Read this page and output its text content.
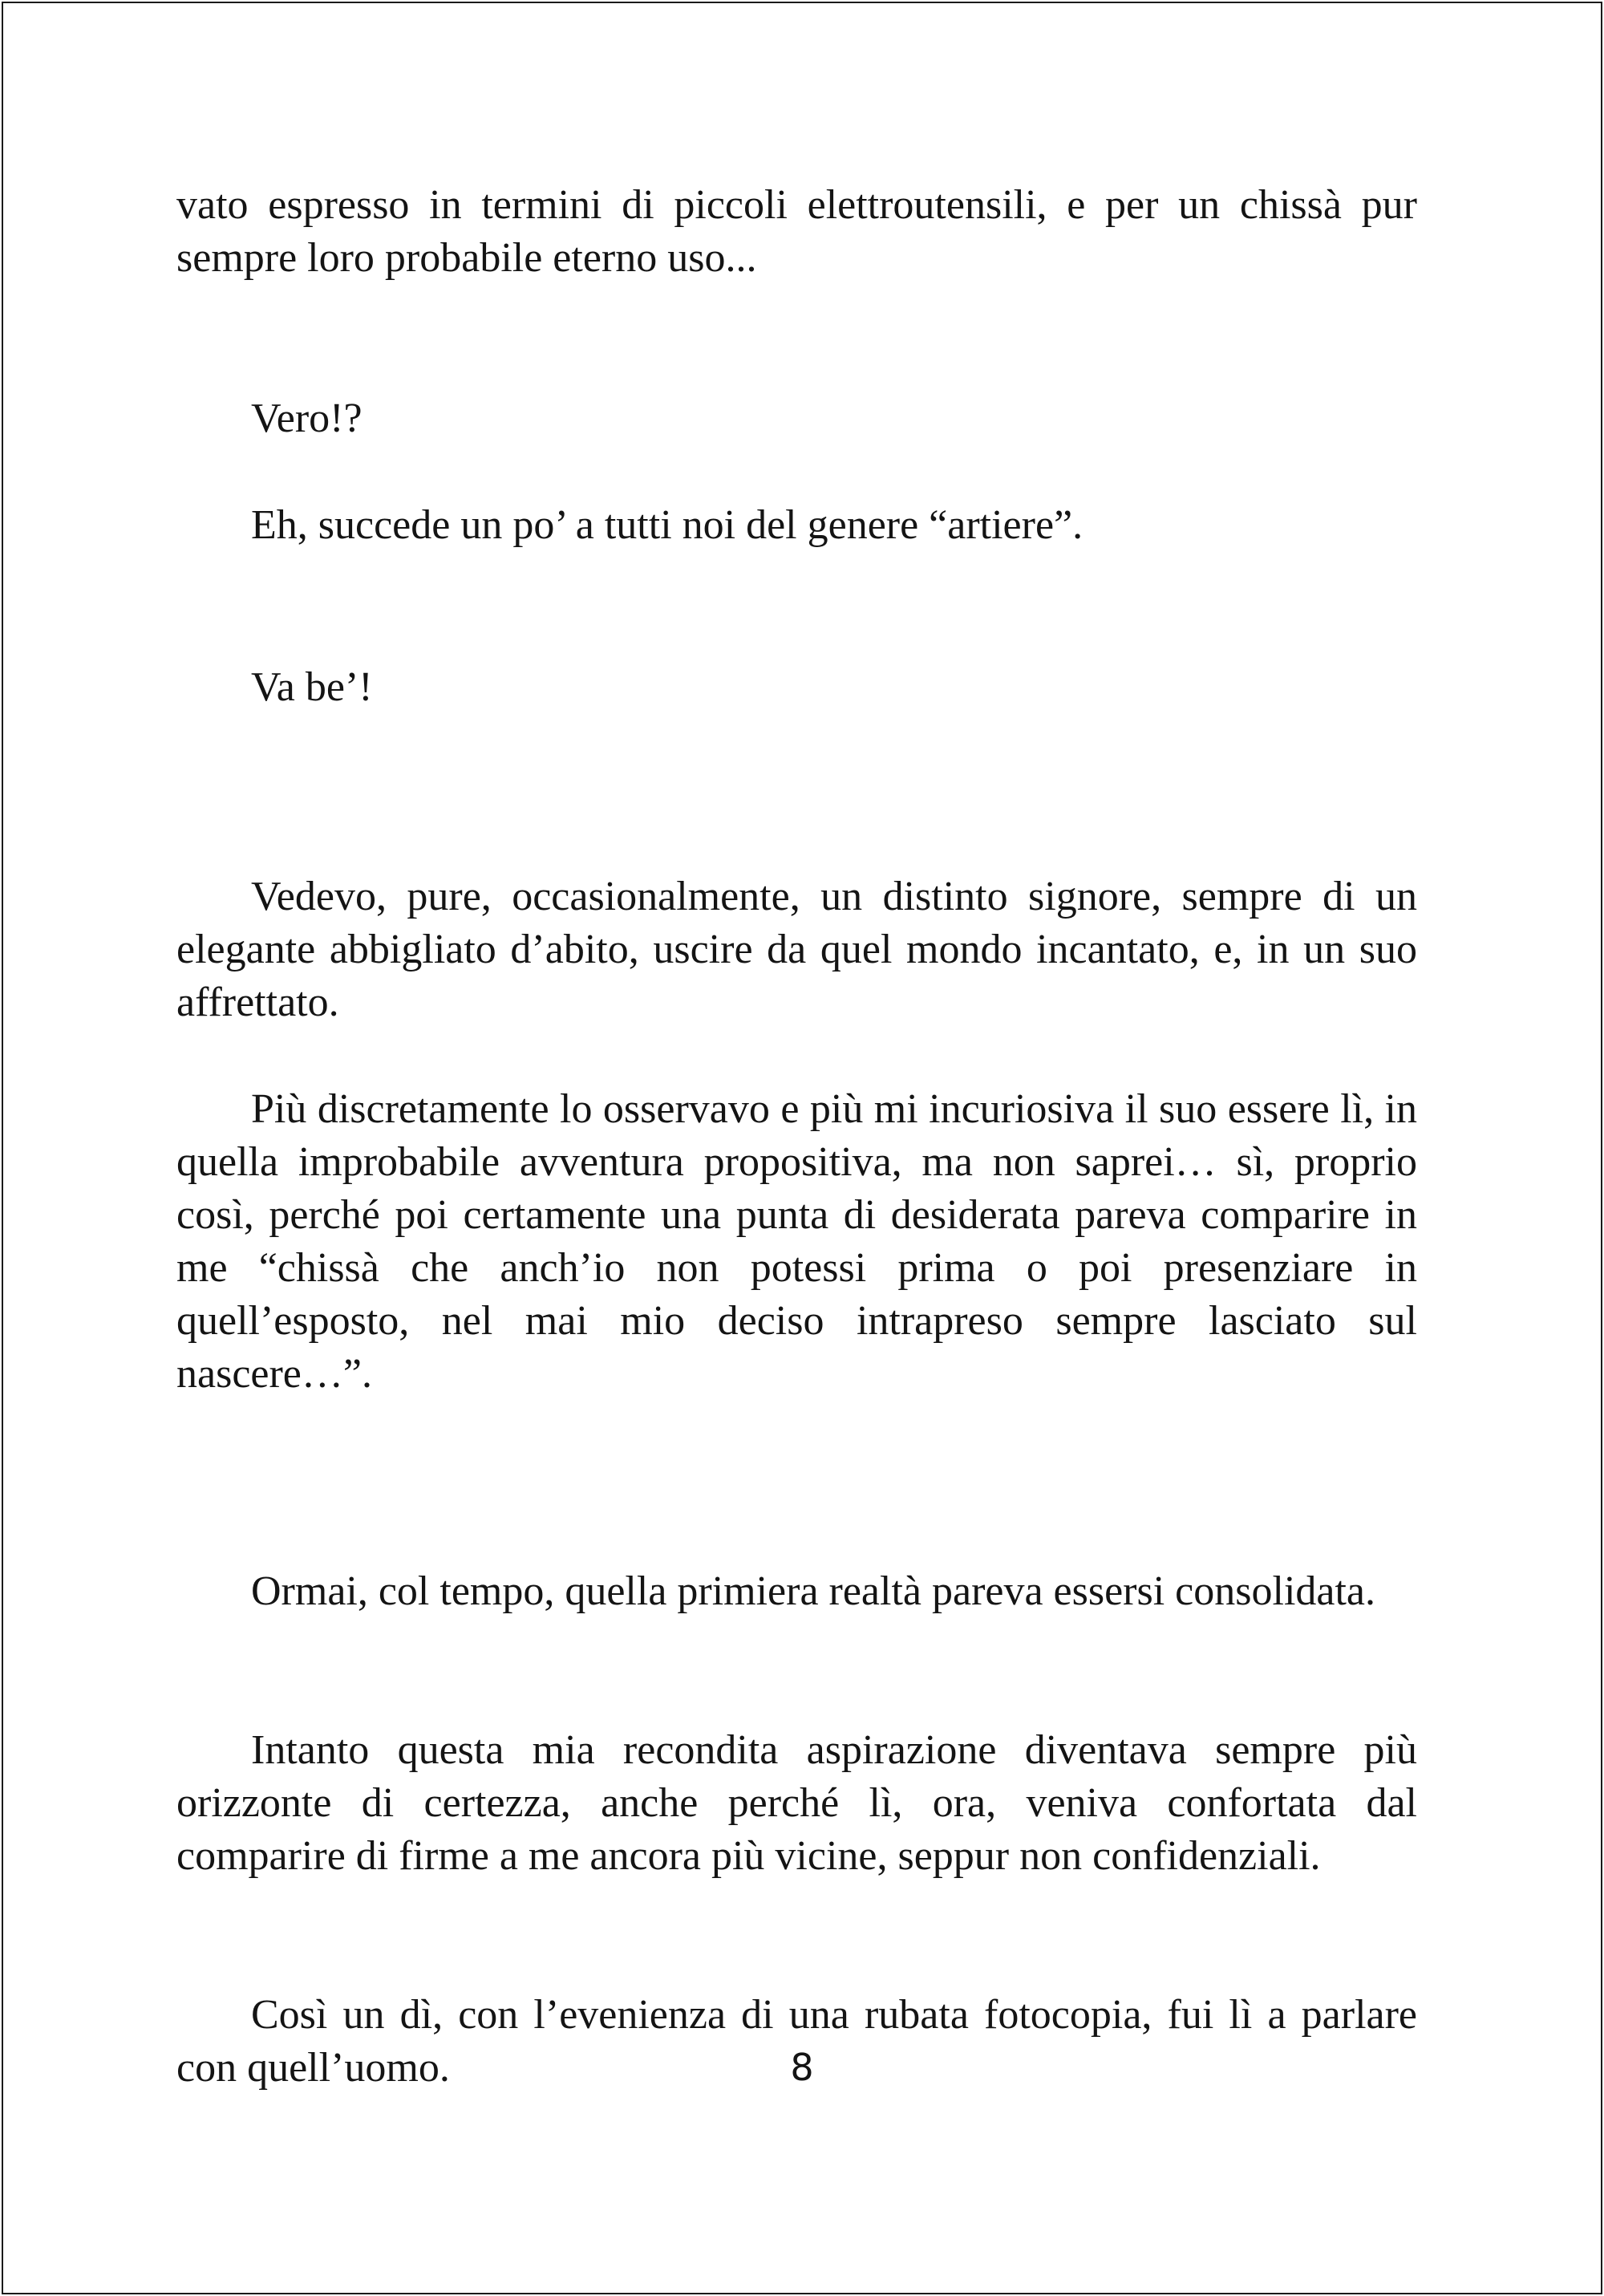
vato espresso in termini di piccoli elettroutensili, e per un chissà pur sempre loro probabile eterno uso...

Vero!?

Eh, succede un po’ a tutti noi del genere “artiere”.

Va be’!

Vedevo, pure, occasionalmente, un distinto signore, sempre di un elegante abbigliato d’abito, uscire da quel mondo incantato, e, in un suo affrettato.

Più discretamente lo osservavo e più mi incuriosiva il suo essere lì, in quella improbabile avventura propositiva, ma non saprei… sì, proprio così, perché poi certamente una punta di desiderata pareva comparire in me “chissà che anch’io non potessi prima o poi presenziare in quell’esposto, nel mai mio deciso intrapreso sempre lasciato sul nascere…”.

Ormai, col tempo, quella primiera realtà pareva essersi consolidata.

Intanto questa mia recondita aspirazione diventava sempre più orizzonte di certezza, anche perché lì, ora, veniva confortata dal comparire di firme a me ancora più vicine, seppur non confidenziali.

Così un dì, con l’evenienza di una rubata fotocopia, fui lì a parlare con quell’uomo.	8
